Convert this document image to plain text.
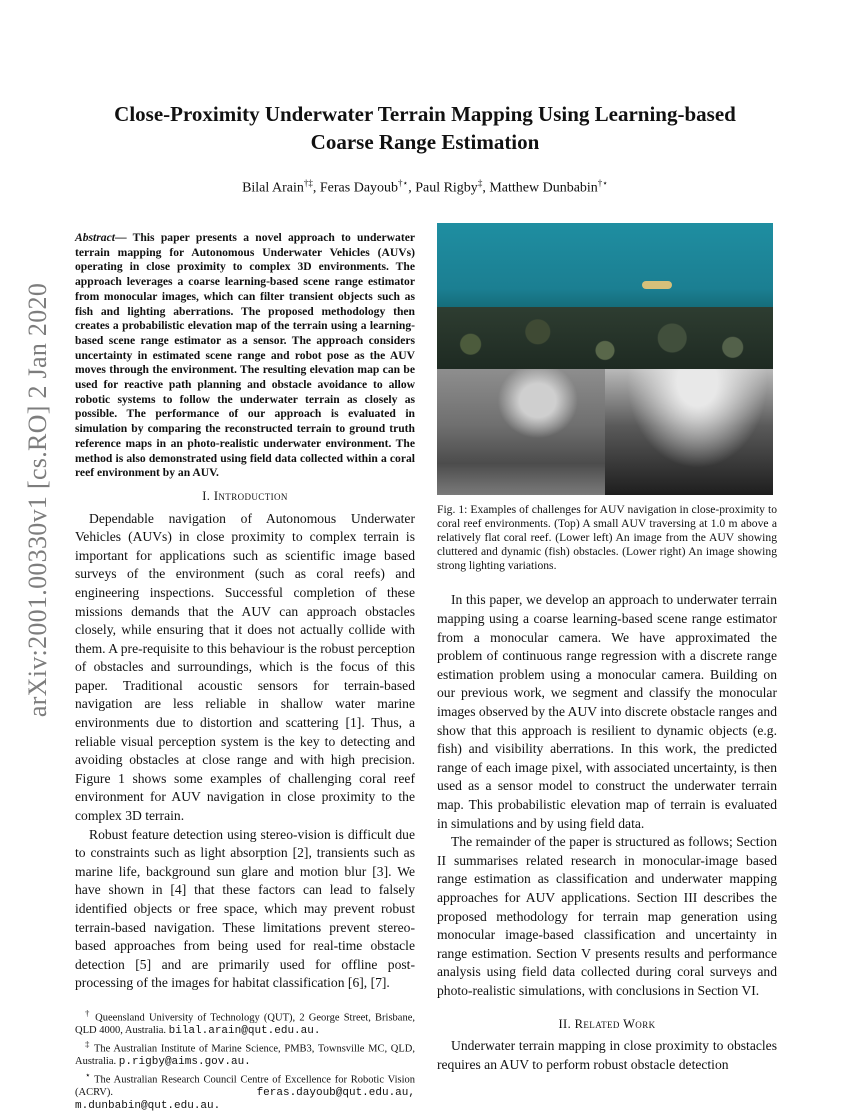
arXiv:2001.00330v1 [cs.RO] 2 Jan 2020
Close-Proximity Underwater Terrain Mapping Using Learning-based
Coarse Range Estimation
Bilal Arain†‡, Feras Dayoub†⋆, Paul Rigby‡, Matthew Dunbabin†⋆

Abstract— This paper presents a novel approach to underwater terrain mapping for Autonomous Underwater Vehicles (AUVs) operating in close proximity to complex 3D environments. The approach leverages a coarse learning-based scene range estimator from monocular images, which can filter transient objects such as fish and lighting aberrations. The proposed methodology then creates a probabilistic elevation map of the terrain using a learning-based scene range estimator as a sensor. The approach considers uncertainty in estimated scene range and robot pose as the AUV moves through the environment. The resulting elevation map can be used for reactive path planning and obstacle avoidance to allow robotic systems to follow the underwater terrain as closely as possible. The performance of our approach is evaluated in simulation by comparing the reconstructed terrain to ground truth reference maps in an photo-realistic underwater environment. The method is also demonstrated using field data collected within a coral reef environment by an AUV.

I. Introduction

Dependable navigation of Autonomous Underwater Vehicles (AUVs) in close proximity to complex terrain is important for applications such as scientific image based surveys of the environment (such as coral reefs) and engineering inspections. Successful completion of these missions demands that the AUV can approach obstacles closely, while ensuring that it does not actually collide with them. A pre-requisite to this behaviour is the robust perception of obstacles and surroundings, which is the focus of this paper. Traditional acoustic sensors for terrain-based navigation are less reliable in shallow water marine environments due to distortion and scattering [1]. Thus, a reliable visual perception system is the key to detecting and avoiding obstacles at close range and with high precision. Figure 1 shows some examples of challenging coral reef environment for AUV navigation in close proximity to the complex 3D terrain.

Robust feature detection using stereo-vision is difficult due to constraints such as light absorption [2], transients such as marine life, background sun glare and motion blur [3]. We have shown in [4] that these factors can lead to falsely identified objects or free space, which may prevent robust terrain-based navigation. These limitations prevent stereo-based approaches from being used for real-time obstacle detection [5] and are primarily used for offline post-processing of the images for habitat classification [6], [7].

† Queensland University of Technology (QUT), 2 George Street, Brisbane, QLD 4000, Australia. bilal.arain@qut.edu.au.
‡ The Australian Institute of Marine Science, PMB3, Townsville MC, QLD, Australia. p.rigby@aims.gov.au.
⋆ The Australian Research Council Centre of Excellence for Robotic Vision (ACRV). feras.dayoub@qut.edu.au, m.dunbabin@qut.edu.au.

Fig. 1: Examples of challenges for AUV navigation in close-proximity to coral reef environments. (Top) A small AUV traversing at 1.0 m above a relatively flat coral reef. (Lower left) An image from the AUV showing cluttered and dynamic (fish) obstacles. (Lower right) An image showing strong lighting variations.

In this paper, we develop an approach to underwater terrain mapping using a coarse learning-based scene range estimator from a monocular camera. We have approximated the problem of continuous range regression with a discrete range estimation problem using a monocular camera. Building on our previous work, we segment and classify the monocular images observed by the AUV into discrete obstacle ranges and show that this approach is resilient to dynamic objects (e.g. fish) and visibility aberrations. In this work, the predicted range of each image pixel, with associated uncertainty, is then used as a sensor model to construct the underwater terrain map. This probabilistic elevation map of terrain is evaluated in simulations and by using field data.

The remainder of the paper is structured as follows; Section II summarises related research in monocular-image based range estimation as classification and underwater mapping approaches for AUV applications. Section III describes the proposed methodology for terrain map generation using monocular image-based classification and uncertainty in range estimation. Section V presents results and performance analysis using field data collected during coral surveys and photo-realistic simulations, with conclusions in Section VI.

II. Related Work

Underwater terrain mapping in close proximity to obstacles requires an AUV to perform robust obstacle detection
